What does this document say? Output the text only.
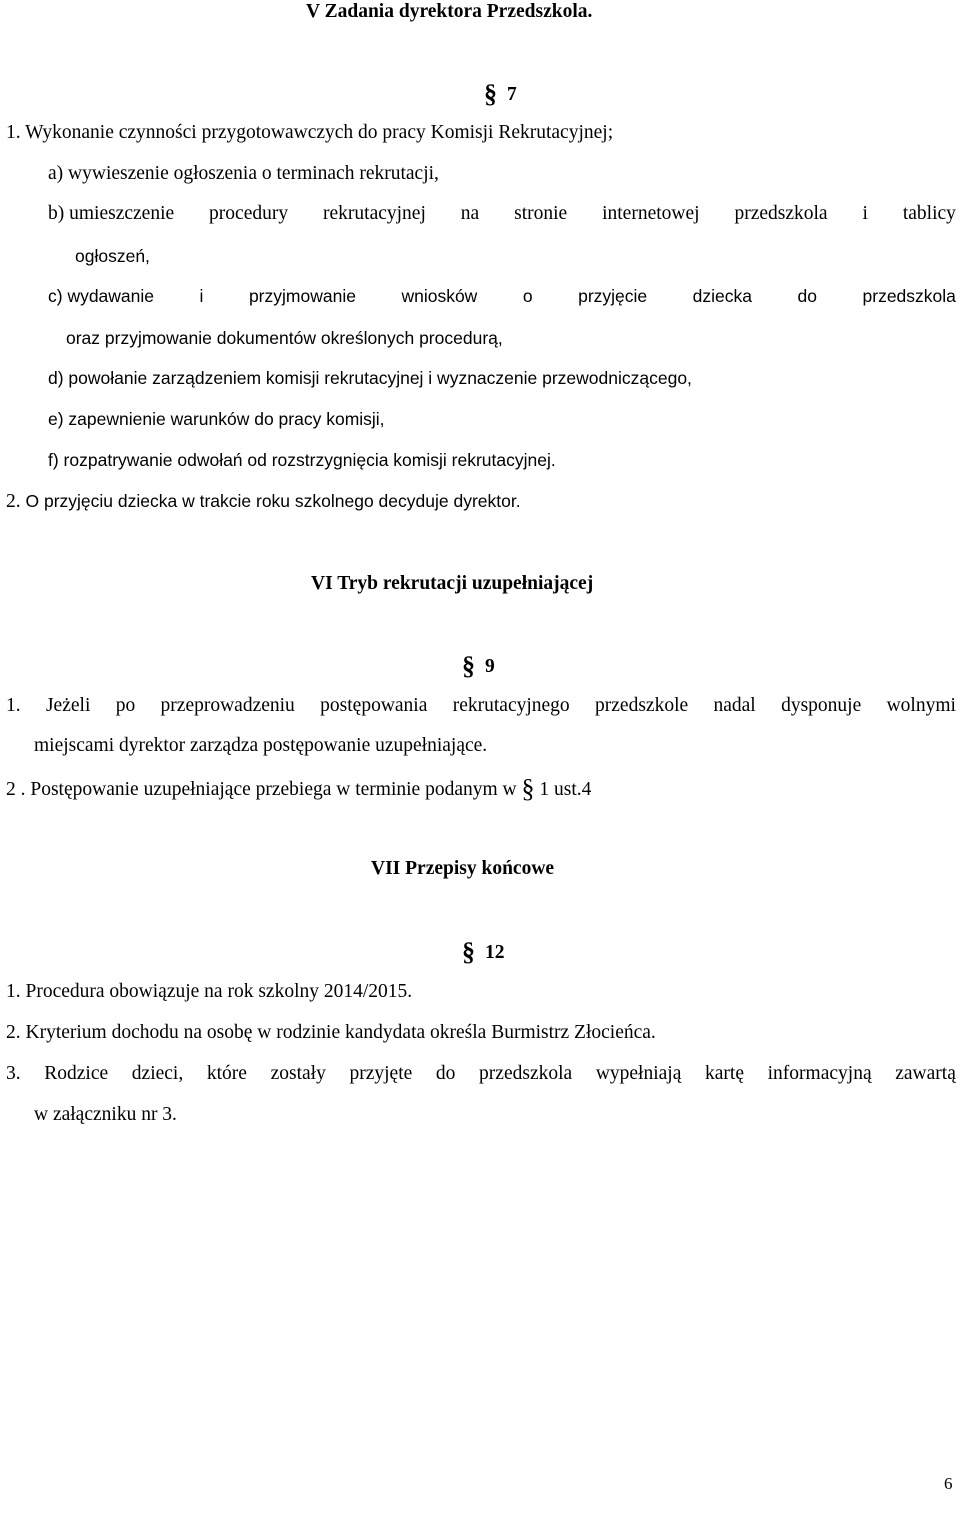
V Zadania dyrektora Przedszkola.
§ 7
1. Wykonanie czynności przygotowawczych do pracy Komisji Rekrutacyjnej;
a) wywieszenie ogłoszenia o terminach rekrutacji,
b) umieszczenie procedury rekrutacyjnej na stronie internetowej przedszkola i tablicy
ogłoszeń,
c) wydawanie	i	przyjmowanie	wniosków	o	przyjęcie	dziecka	do	przedszkola
oraz przyjmowanie dokumentów określonych procedurą,
d) powołanie zarządzeniem komisji rekrutacyjnej i wyznaczenie przewodniczącego,
e) zapewnienie warunków do pracy komisji,
f) rozpatrywanie odwołań od rozstrzygnięcia komisji rekrutacyjnej.
2. O przyjęciu dziecka w trakcie roku szkolnego decyduje dyrektor.
VI Tryb rekrutacji uzupełniającej
§ 9
1. Jeżeli po przeprowadzeniu postępowania rekrutacyjnego przedszkole nadal dysponuje wolnymi
miejscami dyrektor zarządza postępowanie uzupełniające.
2 . Postępowanie uzupełniające przebiega w terminie podanym w § 1 ust.4
VII Przepisy końcowe
§ 12
1. Procedura obowiązuje na rok szkolny 2014/2015.
2. Kryterium dochodu na osobę w rodzinie kandydata określa Burmistrz Złocieńca.
3. Rodzice dzieci, które zostały przyjęte do przedszkola wypełniają kartę informacyjną zawartą
w załączniku nr 3.
6
